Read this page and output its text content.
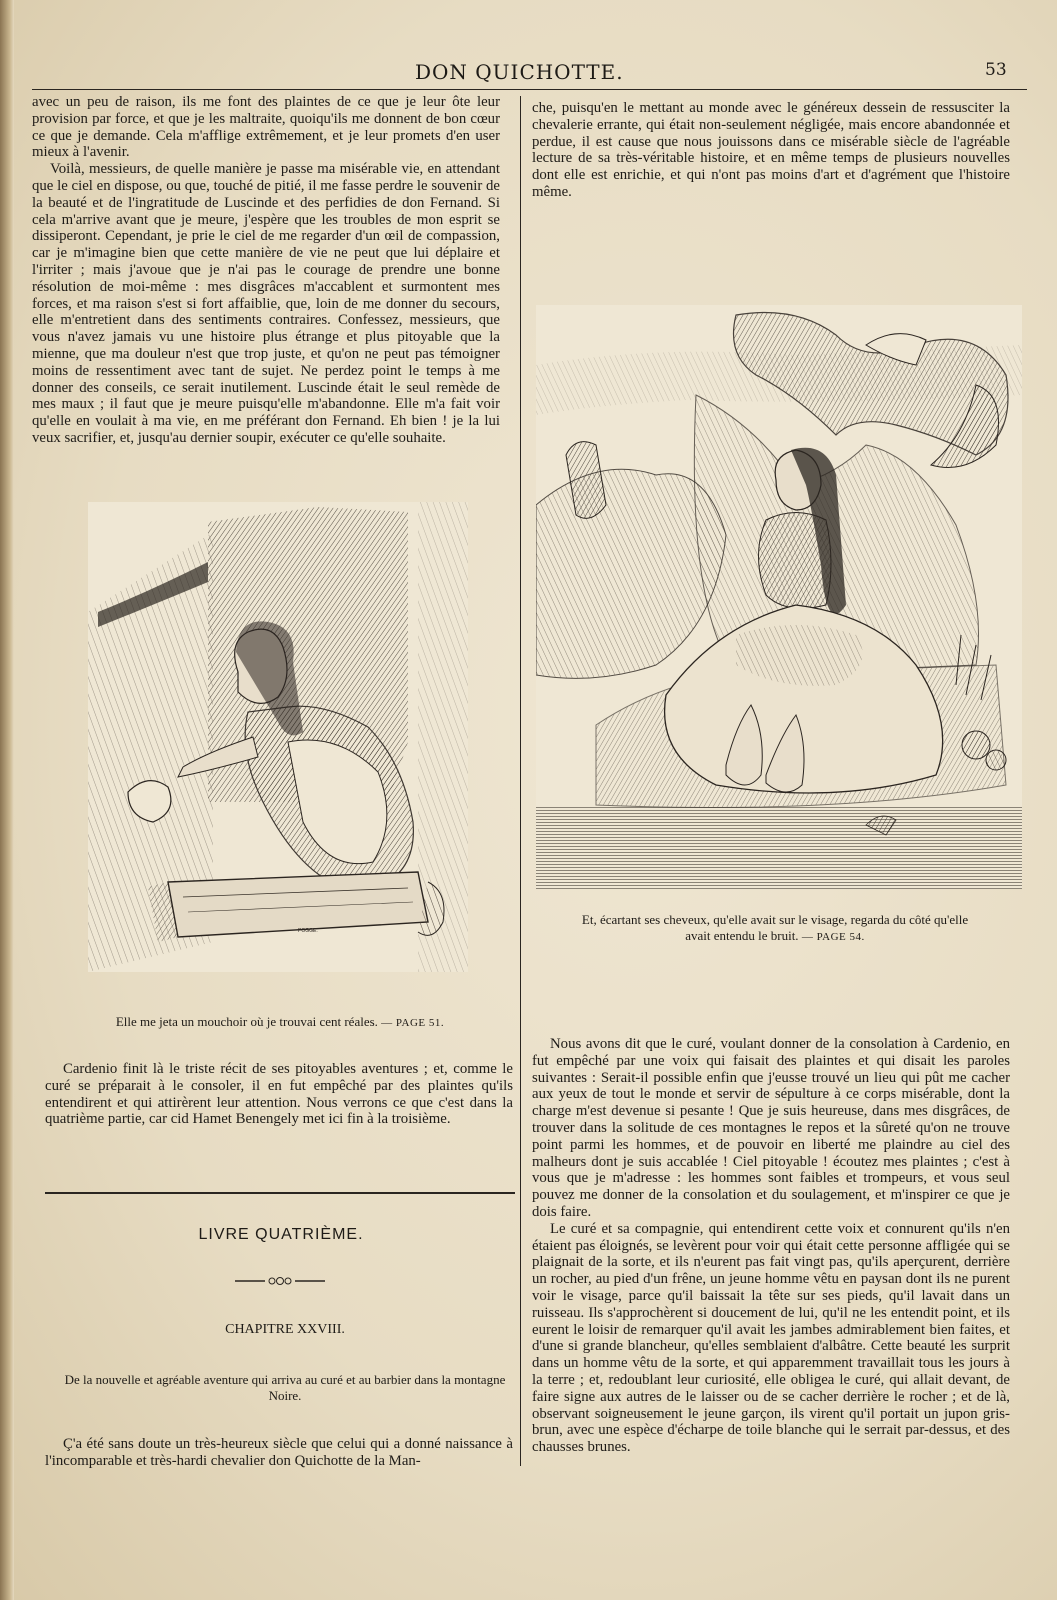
DON QUICHOTTE.	53

avec un peu de raison, ils me font des plaintes de ce que je leur ôte leur provision par force, et que je les maltraite, quoiqu'ils me donnent de bon cœur ce que je demande. Cela m'afflige extrêmement, et je leur promets d'en user mieux à l'avenir.

Voilà, messieurs, de quelle manière je passe ma misérable vie, en attendant que le ciel en dispose, ou que, touché de pitié, il me fasse perdre le souvenir de la beauté et de l'ingratitude de Luscinde et des perfidies de don Fernand. Si cela m'arrive avant que je meure, j'espère que les troubles de mon esprit se dissiperont. Cependant, je prie le ciel de me regarder d'un œil de compassion, car je m'imagine bien que cette manière de vie ne peut que lui déplaire et l'irriter ; mais j'avoue que je n'ai pas le courage de prendre une bonne résolution de moi-même : mes disgrâces m'accablent et surmontent mes forces, et ma raison s'est si fort affaiblie, que, loin de me donner du secours, elle m'entretient dans des sentiments contraires. Confessez, messieurs, que vous n'avez jamais vu une histoire plus étrange et plus pitoyable que la mienne, que ma douleur n'est que trop juste, et qu'on ne peut pas témoigner moins de ressentiment avec tant de sujet. Ne perdez point le temps à me donner des conseils, ce serait inutilement. Luscinde était le seul remède de mes maux ; il faut que je meure puisqu'elle m'abandonne. Elle m'a fait voir qu'elle en voulait à ma vie, en me préférant don Fernand. Eh bien ! je la lui veux sacrifier, et, jusqu'au dernier soupir, exécuter ce qu'elle souhaite.

POGGE.
Elle me jeta un mouchoir où je trouvai cent réales. — PAGE 51.

Cardenio finit là le triste récit de ses pitoyables aventures ; et, comme le curé se préparait à le consoler, il en fut empêché par des plaintes qu'ils entendirent et qui attirèrent leur attention. Nous verrons ce que c'est dans la quatrième partie, car cid Hamet Benengely met ici fin à la troisième.

LIVRE QUATRIÈME.
CHAPITRE XXVIII.
De la nouvelle et agréable aventure qui arriva au curé et au barbier dans la montagne Noire.

Ç'a été sans doute un très-heureux siècle que celui qui a donné naissance à l'incomparable et très-hardi chevalier don Quichotte de la Man-

che, puisqu'en le mettant au monde avec le généreux dessein de ressusciter la chevalerie errante, qui était non-seulement négligée, mais encore abandonnée et perdue, il est cause que nous jouissons dans ce misérable siècle de l'agréable lecture de sa très-véritable histoire, et en même temps de plusieurs nouvelles dont elle est enrichie, et qui n'ont pas moins d'art et d'agrément que l'histoire même.

Et, écartant ses cheveux, qu'elle avait sur le visage, regarda du côté qu'elle
avait entendu le bruit. — PAGE 54.

Nous avons dit que le curé, voulant donner de la consolation à Cardenio, en fut empêché par une voix qui faisait des plaintes et qui disait les paroles suivantes : Serait-il possible enfin que j'eusse trouvé un lieu qui pût me cacher aux yeux de tout le monde et servir de sépulture à ce corps misérable, dont la charge m'est devenue si pesante ! Que je suis heureuse, dans mes disgrâces, de trouver dans la solitude de ces montagnes le repos et la sûreté qu'on ne trouve point parmi les hommes, et de pouvoir en liberté me plaindre au ciel des malheurs dont je suis accablée ! Ciel pitoyable ! écoutez mes plaintes ; c'est à vous que je m'adresse : les hommes sont faibles et trompeurs, et vous seul pouvez me donner de la consolation et du soulagement, et m'inspirer ce que je dois faire.

Le curé et sa compagnie, qui entendirent cette voix et connurent qu'ils n'en étaient pas éloignés, se levèrent pour voir qui était cette personne affligée qui se plaignait de la sorte, et ils n'eurent pas fait vingt pas, qu'ils aperçurent, derrière un rocher, au pied d'un frêne, un jeune homme vêtu en paysan dont ils ne purent voir le visage, parce qu'il baissait la tête sur ses pieds, qu'il lavait dans un ruisseau. Ils s'approchèrent si doucement de lui, qu'il ne les entendit point, et ils eurent le loisir de remarquer qu'il avait les jambes admirablement bien faites, et d'une si grande blancheur, qu'elles semblaient d'albâtre. Cette beauté les surprit dans un homme vêtu de la sorte, et qui apparemment travaillait tous les jours à la terre ; et, redoublant leur curiosité, elle obligea le curé, qui allait devant, de faire signe aux autres de le laisser ou de se cacher derrière le rocher ; et de là, observant soigneusement le jeune garçon, ils virent qu'il portait un jupon gris-brun, avec une espèce d'écharpe de toile blanche qui le serrait par-dessus, et des chausses brunes.
